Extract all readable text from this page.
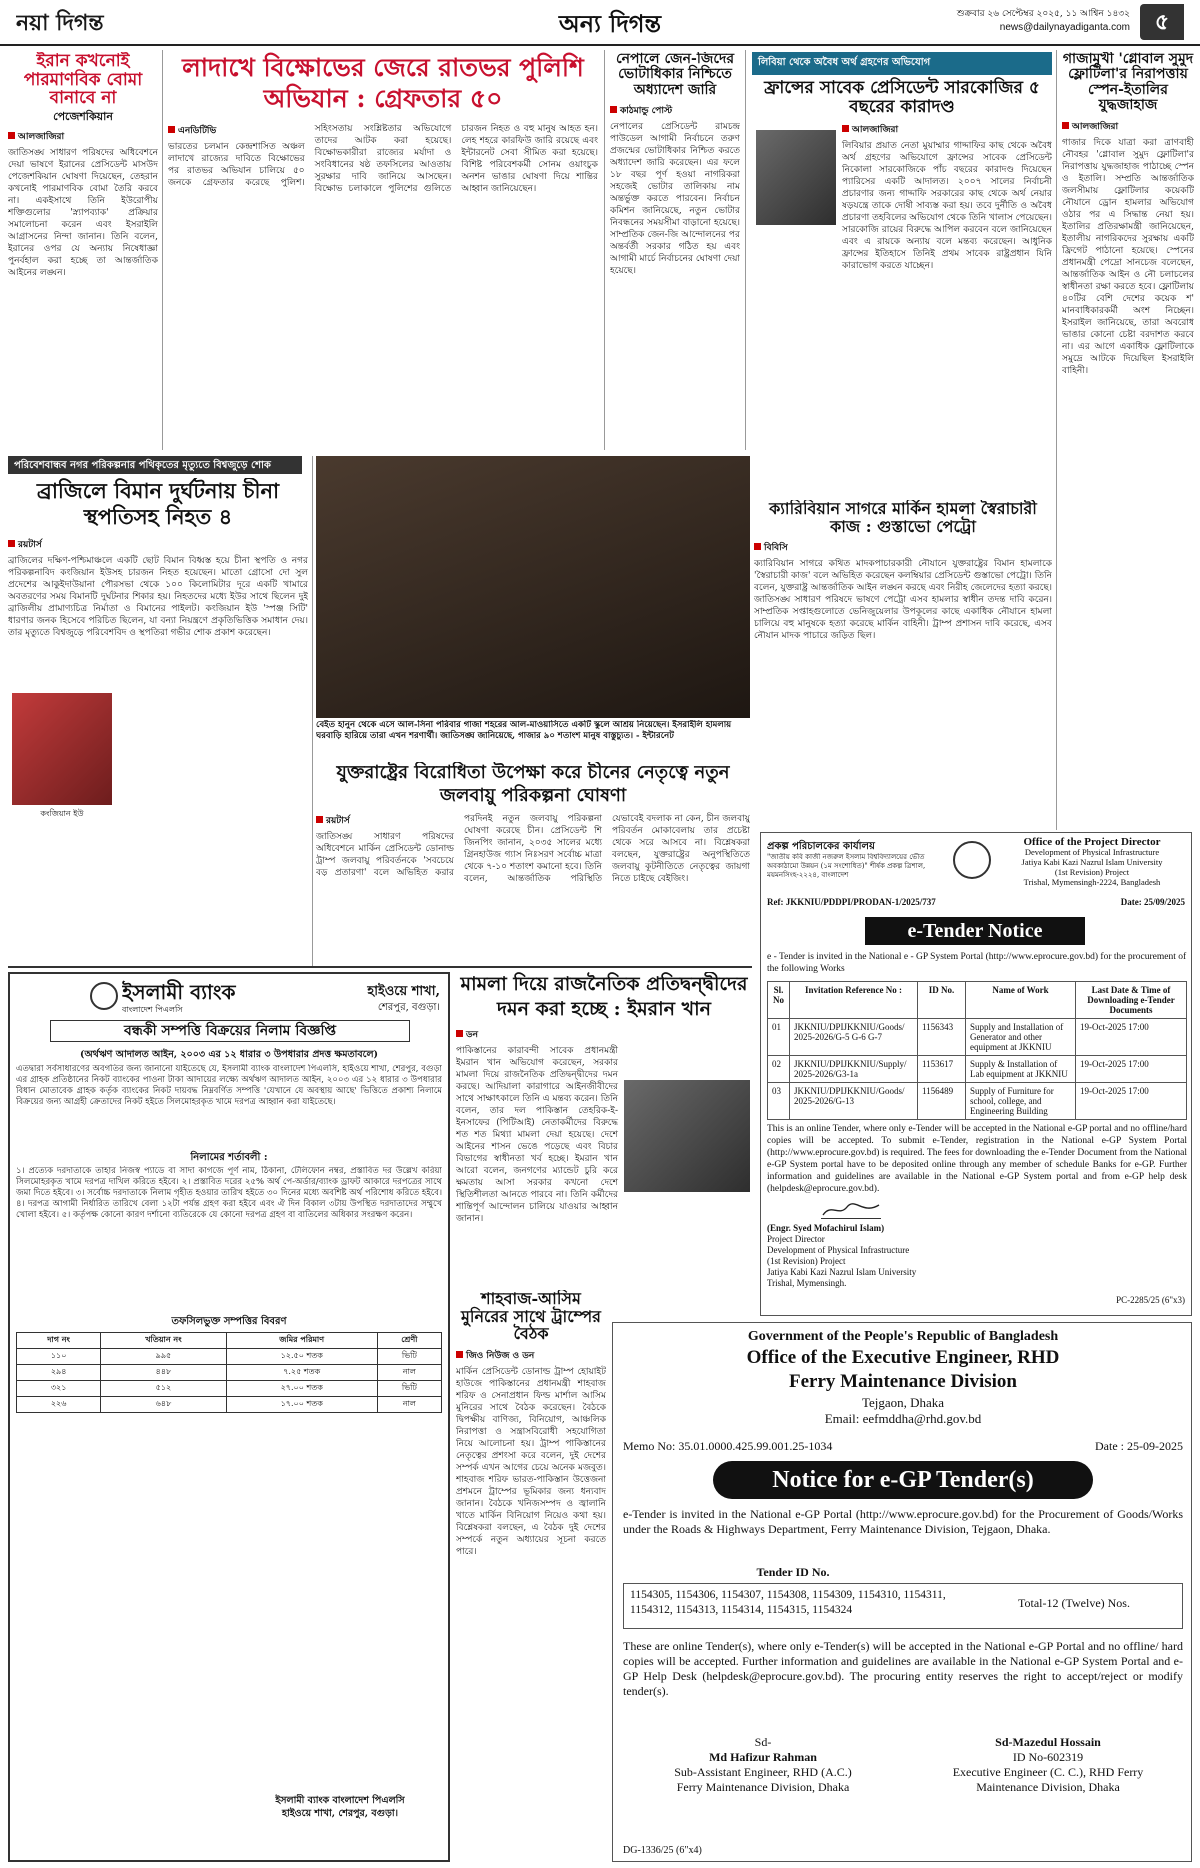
নয়া দিগন্ত	অন্য দিগন্ত	শুক্রবার ২৬ সেপ্টেম্বর ২০২৫, ১১ আশ্বিন ১৪৩২
news@dailynayadiganta.com	৫
ইরান কখনোই পারমাণবিক বোমা বানাবে না
পেজেশকিয়ান
আলজাজিরা
জাতিসঙ্ঘ সাধারণ পরিষদের অধিবেশনে দেয়া ভাষণে ইরানের প্রেসিডেন্ট মাসউদ পেজেশকিয়ান ঘোষণা দিয়েছেন, তেহরান কখনোই পারমাণবিক বোমা তৈরি করবে না। একইসাথে তিনি ইউরোপীয় শক্তিগুলোর 'স্ন্যাপব্যাক' প্রক্রিয়ার সমালোচনা করেন এবং ইসরাইলি আগ্রাসনের নিন্দা জানান। তিনি বলেন, ইরানের ওপর যে অন্যায় নিষেধাজ্ঞা পুনর্বহাল করা হচ্ছে তা আন্তর্জাতিক আইনের লঙ্ঘন।
লাদাখে বিক্ষোভের জেরে রাতভর পুলিশি অভিযান : গ্রেফতার ৫০
এনডিটিভি
ভারতের চলমান কেন্দ্রশাসিত অঞ্চল লাদাখে রাজ্যের দাবিতে বিক্ষোভের পর রাতভর অভিযান চালিয়ে ৫০ জনকে গ্রেফতার করেছে পুলিশ। সহিংসতায় সংশ্লিষ্টতার অভিযোগে তাদের আটক করা হয়েছে। বিক্ষোভকারীরা রাজ্যের মর্যাদা ও সংবিধানের ষষ্ঠ তফসিলের আওতায় সুরক্ষার দাবি জানিয়ে আসছেন। বিক্ষোভ চলাকালে পুলিশের গুলিতে চারজন নিহত ও বহু মানুষ আহত হন। লেহ শহরে কারফিউ জারি রয়েছে এবং ইন্টারনেট সেবা সীমিত করা হয়েছে। বিশিষ্ট পরিবেশকর্মী সোনম ওয়াংচুক অনশন ভাঙার ঘোষণা দিয়ে শান্তির আহ্বান জানিয়েছেন।
নেপালে জেন-জিদের ভোটাধিকার নিশ্চিতে অধ্যাদেশ জারি
কাঠমান্ডু পোস্ট
নেপালের প্রেসিডেন্ট রামচন্দ্র পাউডেল আগামী নির্বাচনে তরুণ প্রজন্মের ভোটাধিকার নিশ্চিত করতে অধ্যাদেশ জারি করেছেন। এর ফলে ১৮ বছর পূর্ণ হওয়া নাগরিকরা সহজেই ভোটার তালিকায় নাম অন্তর্ভুক্ত করতে পারবেন। নির্বাচন কমিশন জানিয়েছে, নতুন ভোটার নিবন্ধনের সময়সীমা বাড়ানো হয়েছে। সাম্প্রতিক জেন-জি আন্দোলনের পর অন্তর্বর্তী সরকার গঠিত হয় এবং আগামী মার্চে নির্বাচনের ঘোষণা দেয়া হয়েছে।
লিবিয়া থেকে অবৈধ অর্থ গ্রহণের অভিযোগ
ফ্রান্সের সাবেক প্রেসিডেন্ট সারকোজির ৫ বছরের কারাদণ্ড
আলজাজিরা
লিবিয়ার প্রয়াত নেতা মুয়াম্মার গাদ্দাফির কাছ থেকে অবৈধ অর্থ গ্রহণের অভিযোগে ফ্রান্সের সাবেক প্রেসিডেন্ট নিকোলা সারকোজিকে পাঁচ বছরের কারাদণ্ড দিয়েছেন প্যারিসের একটি আদালত। ২০০৭ সালের নির্বাচনী প্রচারণার জন্য গাদ্দাফি সরকারের কাছ থেকে অর্থ নেয়ার ষড়যন্ত্রে তাকে দোষী সাব্যস্ত করা হয়। তবে দুর্নীতি ও অবৈধ প্রচারণা তহবিলের অভিযোগ থেকে তিনি খালাস পেয়েছেন। সারকোজি রায়ের বিরুদ্ধে আপিল করবেন বলে জানিয়েছেন এবং এ রায়কে অন্যায় বলে মন্তব্য করেছেন। আধুনিক ফ্রান্সের ইতিহাসে তিনিই প্রথম সাবেক রাষ্ট্রপ্রধান যিনি কারাভোগ করতে যাচ্ছেন।
গাজামুখী 'গ্লোবাল সুমুদ ফ্লোটিলা'র নিরাপত্তায় স্পেন-ইতালির যুদ্ধজাহাজ
আলজাজিরা
গাজার দিকে যাত্রা করা ত্রাণবাহী নৌবহর 'গ্লোবাল সুমুদ ফ্লোটিলা'র নিরাপত্তায় যুদ্ধজাহাজ পাঠাচ্ছে স্পেন ও ইতালি। সম্প্রতি আন্তর্জাতিক জলসীমায় ফ্লোটিলার কয়েকটি নৌযানে ড্রোন হামলার অভিযোগ ওঠার পর এ সিদ্ধান্ত নেয়া হয়। ইতালির প্রতিরক্ষামন্ত্রী জানিয়েছেন, ইতালীয় নাগরিকদের সুরক্ষায় একটি ফ্রিগেট পাঠানো হয়েছে। স্পেনের প্রধানমন্ত্রী পেদ্রো সানচেজ বলেছেন, আন্তর্জাতিক আইন ও নৌ চলাচলের স্বাধীনতা রক্ষা করতে হবে। ফ্লোটিলায় ৪০টির বেশি দেশের কয়েক শ' মানবাধিকারকর্মী অংশ নিচ্ছেন। ইসরাইল জানিয়েছে, তারা অবরোধ ভাঙার কোনো চেষ্টা বরদাশত করবে না। এর আগে একাধিক ফ্লোটিলাকে সমুদ্রে আটকে দিয়েছিল ইসরাইলি বাহিনী।
পরিবেশবান্ধব নগর পরিকল্পনার পথিকৃতের মৃত্যুতে বিশ্বজুড়ে শোক
ব্রাজিলে বিমান দুর্ঘটনায় চীনা স্থপতিসহ নিহত ৪
রয়টার্স
কংজিয়ান ইউ
ব্রাজিলের দক্ষিণ-পশ্চিমাঞ্চলে একটি ছোট বিমান বিধ্বস্ত হয়ে চীনা স্থপতি ও নগর পরিকল্পনাবিদ কংজিয়ান ইউসহ চারজন নিহত হয়েছেন। মাতো গ্রোসো দো সুল প্রদেশের আকুইদাউয়ানা পৌরসভা থেকে ১০০ কিলোমিটার দূরে একটি খামারে অবতরণের সময় বিমানটি দুর্ঘটনার শিকার হয়। নিহতদের মধ্যে ইউর সাথে ছিলেন দুই ব্রাজিলীয় প্রামাণ্যচিত্র নির্মাতা ও বিমানের পাইলট। কংজিয়ান ইউ 'স্পঞ্জ সিটি' ধারণার জনক হিসেবে পরিচিত ছিলেন, যা বন্যা নিয়ন্ত্রণে প্রকৃতিভিত্তিক সমাধান দেয়। তার মৃত্যুতে বিশ্বজুড়ে পরিবেশবিদ ও স্থপতিরা গভীর শোক প্রকাশ করেছেন।
বেইত হানুন থেকে এসে আল-সিনা পরিবার গাজা শহরের আল-মাওয়াসিতে একটি স্কুলে আশ্রয় নিয়েছেন। ইসরাইলি হামলায় ঘরবাড়ি হারিয়ে তারা এখন শরণার্থী। জাতিসঙ্ঘ জানিয়েছে, গাজার ৯০ শতাংশ মানুষ বাস্তুচ্যুত। - ইন্টারনেট
ক্যারিবিয়ান সাগরে মার্কিন হামলা স্বৈরাচারী কাজ : গুস্তাভো পেট্রো
বিবিসি
ক্যারিবিয়ান সাগরে কথিত মাদকপাচারকারী নৌযানে যুক্তরাষ্ট্রের বিমান হামলাকে 'স্বৈরাচারী কাজ' বলে অভিহিত করেছেন কলম্বিয়ার প্রেসিডেন্ট গুস্তাভো পেট্রো। তিনি বলেন, যুক্তরাষ্ট্র আন্তর্জাতিক আইন লঙ্ঘন করছে এবং নিরীহ জেলেদের হত্যা করছে। জাতিসঙ্ঘ সাধারণ পরিষদে ভাষণে পেট্রো এসব হামলার স্বাধীন তদন্ত দাবি করেন। সাম্প্রতিক সপ্তাহগুলোতে ভেনিজুয়েলার উপকূলের কাছে একাধিক নৌযানে হামলা চালিয়ে বহু মানুষকে হত্যা করেছে মার্কিন বাহিনী। ট্রাম্প প্রশাসন দাবি করেছে, এসব নৌযান মাদক পাচারে জড়িত ছিল।
যুক্তরাষ্ট্রের বিরোধিতা উপেক্ষা করে চীনের নেতৃত্বে নতুন জলবায়ু পরিকল্পনা ঘোষণা
রয়টার্স
জাতিসঙ্ঘ সাধারণ পরিষদের অধিবেশনে মার্কিন প্রেসিডেন্ট ডোনাল্ড ট্রাম্প জলবায়ু পরিবর্তনকে 'সবচেয়ে বড় প্রতারণা' বলে অভিহিত করার পরদিনই নতুন জলবায়ু পরিকল্পনা ঘোষণা করেছে চীন। প্রেসিডেন্ট শি জিনপিং জানান, ২০৩৫ সালের মধ্যে গ্রিনহাউজ গ্যাস নিঃসরণ সর্বোচ্চ মাত্রা থেকে ৭-১০ শতাংশ কমানো হবে। তিনি বলেন, আন্তর্জাতিক পরিস্থিতি যেভাবেই বদলাক না কেন, চীন জলবায়ু পরিবর্তন মোকাবেলায় তার প্রচেষ্টা থেকে সরে আসবে না। বিশ্লেষকরা বলছেন, যুক্তরাষ্ট্রের অনুপস্থিতিতে জলবায়ু কূটনীতিতে নেতৃত্বের জায়গা নিতে চাইছে বেইজিং।
প্রকল্প পরিচালকের কার্যালয়
"জাতীয় কবি কাজী নজরুল ইসলাম বিশ্ববিদ্যালয়ের ভৌত অবকাঠামো উন্নয়ন (১ম সংশোধিত)" শীর্ষক প্রকল্প ত্রিশাল, ময়মনসিংহ-২২২৪, বাংলাদেশ
Office of the Project Director
Development of Physical Infrastructure
Jatiya Kabi Kazi Nazrul Islam University
(1st Revision) Project
Trishal, Mymensingh-2224, Bangladesh
Ref: JKKNIU/PDDPI/PRODAN-1/2025/737	Date: 25/09/2025
e-Tender Notice
e - Tender is invited in the National e - GP System Portal (http://www.eprocure.gov.bd) for the procurement of the following Works
Sl. No	Invitation Reference No :	ID No.	Name of Work	Last Date & Time of Downloading e-Tender Documents
01	JKKNIU/DPIJKKNIU/Goods/ 2025-2026/G-5 G-6 G-7	1156343	Supply and Installation of Generator and other equipment at JKKNIU	19-Oct-2025 17:00
02	JKKNIU/DPIJKKNIU/Supply/ 2025-2026/G3-1a	1153617	Supply & Installation of Lab equipment at JKKNIU	19-Oct-2025 17:00
03	JKKNIU/DPIJKKNIU/Goods/ 2025-2026/G-13	1156489	Supply of Furniture for school, college, and Engineering Building	19-Oct-2025 17:00
This is an online Tender, where only e-Tender will be accepted in the National e-GP portal and no offline/hard copies will be accepted. To submit e-Tender, registration in the National e-GP System Portal (http://www.eprocure.gov.bd) is required. The fees for downloading the e-Tender Document from the National e-GP System portal have to be deposited online through any member of schedule Banks for e-GP. Further information and guidelines are available in the National e-GP System portal and from e-GP help desk (helpdesk@eprocure.gov.bd).
(Engr. Syed Mofachirul Islam)
Project Director
Development of Physical Infrastructure
(1st Revision) Project
Jatiya Kabi Kazi Nazrul Islam University
Trishal, Mymensingh.
PC-2285/25 (6"x3)
ইসলামী ব্যাংক
বাংলাদেশ পিএলসি
হাইওয়ে শাখা,
শেরপুর, বগুড়া।
বন্ধকী সম্পত্তি বিক্রয়ের নিলাম বিজ্ঞপ্তি
(অর্থঋণ আদালত আইন, ২০০৩ এর ১২ ধারার ৩ উপধারার প্রদত্ত ক্ষমতাবলে)
এতদ্বারা সর্বসাধারণের অবগতির জন্য জানানো যাইতেছে যে, ইসলামী ব্যাংক বাংলাদেশ পিএলসি, হাইওয়ে শাখা, শেরপুর, বগুড়া এর গ্রাহক প্রতিষ্ঠানের নিকট ব্যাংকের পাওনা টাকা আদায়ের লক্ষ্যে অর্থঋণ আদালত আইন, ২০০৩ এর ১২ ধারার ৩ উপধারার বিধান মোতাবেক গ্রাহক কর্তৃক ব্যাংকের নিকট দায়বদ্ধ নিম্নবর্ণিত সম্পত্তি 'যেখানে যে অবস্থায় আছে' ভিত্তিতে প্রকাশ্য নিলামে বিক্রয়ের জন্য আগ্রহী ক্রেতাদের নিকট হইতে সিলমোহরকৃত খামে দরপত্র আহ্বান করা যাইতেছে।
নিলামের শর্তাবলী :
১। প্রত্যেক দরদাতাকে তাহার নিজস্ব প্যাডে বা সাদা কাগজে পূর্ণ নাম, ঠিকানা, টেলিফোন নম্বর, প্রস্তাবিত দর উল্লেখ করিয়া সিলমোহরকৃত খামে দরপত্র দাখিল করিতে হইবে। ২। প্রস্তাবিত দরের ২৫% অর্থ পে-অর্ডার/ব্যাংক ড্রাফট আকারে দরপত্রের সাথে জমা দিতে হইবে। ৩। সর্বোচ্চ দরদাতাকে নিলাম গৃহীত হওয়ার তারিখ হইতে ৩০ দিনের মধ্যে অবশিষ্ট অর্থ পরিশোধ করিতে হইবে। ৪। দরপত্র আগামী নির্ধারিত তারিখে বেলা ১২টা পর্যন্ত গ্রহণ করা হইবে এবং ঐ দিন বিকাল ৩টায় উপস্থিত দরদাতাদের সম্মুখে খোলা হইবে। ৫। কর্তৃপক্ষ কোনো কারণ দর্শানো ব্যতিরেকে যে কোনো দরপত্র গ্রহণ বা বাতিলের অধিকার সংরক্ষণ করেন।
তফসিলভুক্ত সম্পত্তির বিবরণ
দাগ নং	খতিয়ান নং	জমির পরিমাণ	শ্রেণী
১১০	৯৯৫	১২.৫০ শতক	ভিটি
২৯৪	৪৪৮	৭.২৫ শতক	নাল
৩২১	৫১২	২৭.০০ শতক	ভিটি
২২৬	৬৪৮	১৭.০০ শতক	নাল
ইসলামী ব্যাংক বাংলাদেশ পিএলসি
হাইওয়ে শাখা, শেরপুর, বগুড়া।
মামলা দিয়ে রাজনৈতিক প্রতিদ্বন্দ্বীদের দমন করা হচ্ছে : ইমরান খান
ডন
পাকিস্তানের কারাবন্দী সাবেক প্রধানমন্ত্রী ইমরান খান অভিযোগ করেছেন, সরকার মামলা দিয়ে রাজনৈতিক প্রতিদ্বন্দ্বীদের দমন করছে। আদিয়ালা কারাগারে আইনজীবীদের সাথে সাক্ষাৎকালে তিনি এ মন্তব্য করেন। তিনি বলেন, তার দল পাকিস্তান তেহরিক-ই-ইনসাফের (পিটিআই) নেতাকর্মীদের বিরুদ্ধে শত শত মিথ্যা মামলা দেয়া হয়েছে। দেশে আইনের শাসন ভেঙে পড়েছে এবং বিচার বিভাগের স্বাধীনতা খর্ব হচ্ছে। ইমরান খান আরো বলেন, জনগণের ম্যান্ডেট চুরি করে ক্ষমতায় আসা সরকার কখনো দেশে স্থিতিশীলতা আনতে পারবে না। তিনি কর্মীদের শান্তিপূর্ণ আন্দোলন চালিয়ে যাওয়ার আহ্বান জানান।
শাহবাজ-আসিম মুনিরের সাথে ট্রাম্পের বৈঠক
জিও নিউজ ও ডন
মার্কিন প্রেসিডেন্ট ডোনাল্ড ট্রাম্প হোয়াইট হাউজে পাকিস্তানের প্রধানমন্ত্রী শাহবাজ শরিফ ও সেনাপ্রধান ফিল্ড মার্শাল আসিম মুনিরের সাথে বৈঠক করেছেন। বৈঠকে দ্বিপক্ষীয় বাণিজ্য, বিনিয়োগ, আঞ্চলিক নিরাপত্তা ও সন্ত্রাসবিরোধী সহযোগিতা নিয়ে আলোচনা হয়। ট্রাম্প পাকিস্তানের নেতৃত্বের প্রশংসা করে বলেন, দুই দেশের সম্পর্ক এখন আগের চেয়ে অনেক মজবুত। শাহবাজ শরিফ ভারত-পাকিস্তান উত্তেজনা প্রশমনে ট্রাম্পের ভূমিকার জন্য ধন্যবাদ জানান। বৈঠকে খনিজসম্পদ ও জ্বালানি খাতে মার্কিন বিনিয়োগ নিয়েও কথা হয়। বিশ্লেষকরা বলছেন, এ বৈঠক দুই দেশের সম্পর্কে নতুন অধ্যায়ের সূচনা করতে পারে।
Government of the People's Republic of Bangladesh
Office of the Executive Engineer, RHD
Ferry Maintenance Division
Tejgaon, Dhaka
Email: eefmddha@rhd.gov.bd
Memo No: 35.01.0000.425.99.001.25-1034	Date : 25-09-2025
Notice for e-GP Tender(s)
e-Tender is invited in the National e-GP Portal (http://www.eprocure.gov.bd) for the Procurement of Goods/Works under the Roads & Highways Department, Ferry Maintenance Division, Tejgaon, Dhaka.
Tender ID No.
1154305, 1154306, 1154307, 1154308, 1154309, 1154310, 1154311, 1154312, 1154313, 1154314, 1154315, 1154324	Total-12 (Twelve) Nos.
These are online Tender(s), where only e-Tender(s) will be accepted in the National e-GP Portal and no offline/ hard copies will be accepted. Further information and guidelines are available in the National e-GP System Portal and e-GP Help Desk (helpdesk@eprocure.gov.bd). The procuring entity reserves the right to accept/reject or modify tender(s).
Sd-
Md Hafizur Rahman
Sub-Assistant Engineer, RHD (A.C.)
Ferry Maintenance Division, Dhaka
Sd-Mazedul Hossain
ID No-602319
Executive Engineer (C. C.), RHD Ferry
Maintenance Division, Dhaka
DG-1336/25 (6"x4)
